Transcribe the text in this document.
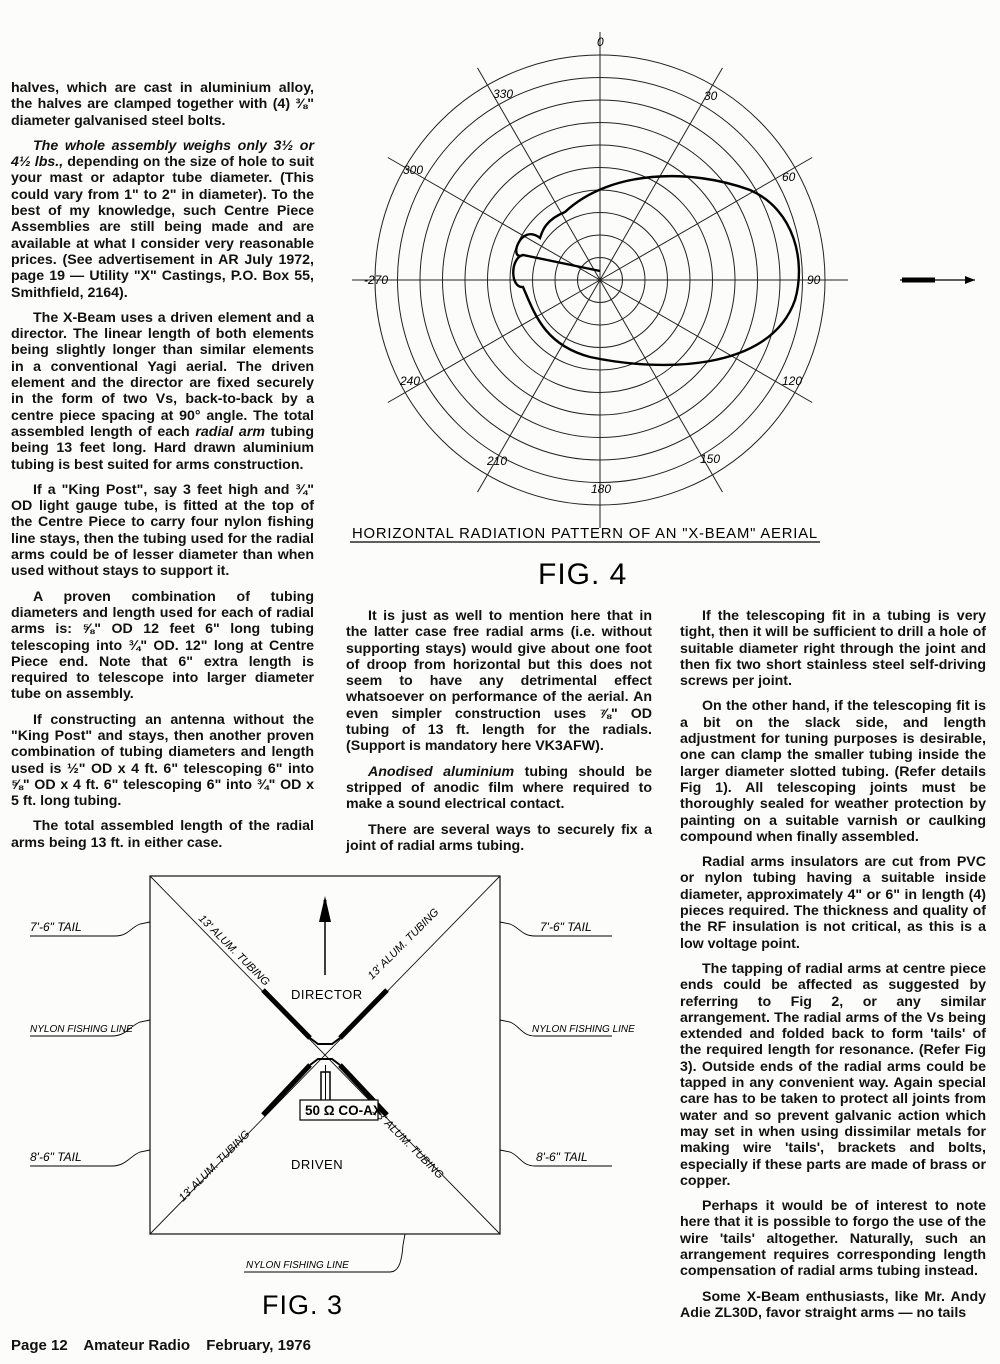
halves, which are cast in aluminium alloy, the halves are clamped together with (4) ⅜" diameter galvanised steel bolts.

The whole assembly weighs only 3½ or 4½ lbs., depending on the size of hole to suit your mast or adaptor tube diameter. (This could vary from 1" to 2" in diameter). To the best of my knowledge, such Centre Piece Assemblies are still being made and are available at what I consider very reasonable prices. (See advertisement in AR July 1972, page 19 — Utility "X" Castings, P.O. Box 55, Smithfield, 2164).

The X-Beam uses a driven element and a director. The linear length of both elements being slightly longer than similar elements in a conventional Yagi aerial. The driven element and the director are fixed securely in the form of two Vs, back-to-back by a centre piece spacing at 90° angle. The total assembled length of each radial arm tubing being 13 feet long. Hard drawn aluminium tubing is best suited for arms construction.

If a "King Post", say 3 feet high and ¾" OD light gauge tube, is fitted at the top of the Centre Piece to carry four nylon fishing line stays, then the tubing used for the radial arms could be of lesser diameter than when used without stays to support it.

A proven combination of tubing diameters and length used for each of radial arms is: ⅝" OD 12 feet 6" long tubing telescoping into ¾" OD. 12" long at Centre Piece end. Note that 6" extra length is required to telescope into larger diameter tube on assembly.

If constructing an antenna without the "King Post" and stays, then another proven combination of tubing diameters and length used is ½" OD x 4 ft. 6" telescoping 6" into ⅝" OD x 4 ft. 6" telescoping 6" into ¾" OD x 5 ft. long tubing.

The total assembled length of the radial arms being 13 ft. in either case.

It is just as well to mention here that in the latter case free radial arms (i.e. without supporting stays) would give about one foot of droop from horizontal but this does not seem to have any detrimental effect whatsoever on performance of the aerial. An even simpler construction uses ⅞" OD tubing of 13 ft. length for the radials. (Support is mandatory here VK3AFW).

Anodised aluminium tubing should be stripped of anodic film where required to make a sound electrical contact.

There are several ways to securely fix a joint of radial arms tubing.

If the telescoping fit in a tubing is very tight, then it will be sufficient to drill a hole of suitable diameter right through the joint and then fix two short stainless steel self-driving screws per joint.

On the other hand, if the telescoping fit is a bit on the slack side, and length adjustment for tuning purposes is desirable, one can clamp the smaller tubing inside the larger diameter slotted tubing. (Refer details Fig 1). All telescoping joints must be thoroughly sealed for weather protection by painting on a suitable varnish or caulking compound when finally assembled.

Radial arms insulators are cut from PVC or nylon tubing having a suitable inside diameter, approximately 4" or 6" in length (4) pieces required. The thickness and quality of the RF insulation is not critical, as this is a low voltage point.

The tapping of radial arms at centre piece ends could be affected as suggested by referring to Fig 2, or any similar arrangement. The radial arms of the Vs being extended and folded back to form 'tails' of the required length for resonance. (Refer Fig 3). Outside ends of the radial arms could be tapped in any convenient way. Again special care has to be taken to protect all joints from water and so prevent galvanic action which may set in when using dissimilar metals for making wire 'tails', brackets and bolts, especially if these parts are made of brass or copper.

Perhaps it would be of interest to note here that it is possible to forgo the use of the wire 'tails' altogether. Naturally, such an arrangement requires corresponding length compensation of radial arms tubing instead.

Some X-Beam enthusiasts, like Mr. Andy Adie ZL30D, favor straight arms — no tails

0
30
60
90
120
150
180
210
240
-270
300
330
HORIZONTAL RADIATION PATTERN OF AN "X-BEAM" AERIAL
FIG. 4
50 Ω CO-AX.
DIRECTOR
DRIVEN
13' ALUM. TUBING	13' ALUM. TUBING
13' ALUM. TUBING	13' ALUM. TUBING
7'-6" TAIL
NYLON FISHING LINE
8'-6" TAIL
7'-6" TAIL
NYLON FISHING LINE
8'-6" TAIL
NYLON FISHING LINE
FIG. 3
Page 12 Amateur Radio February, 1976
